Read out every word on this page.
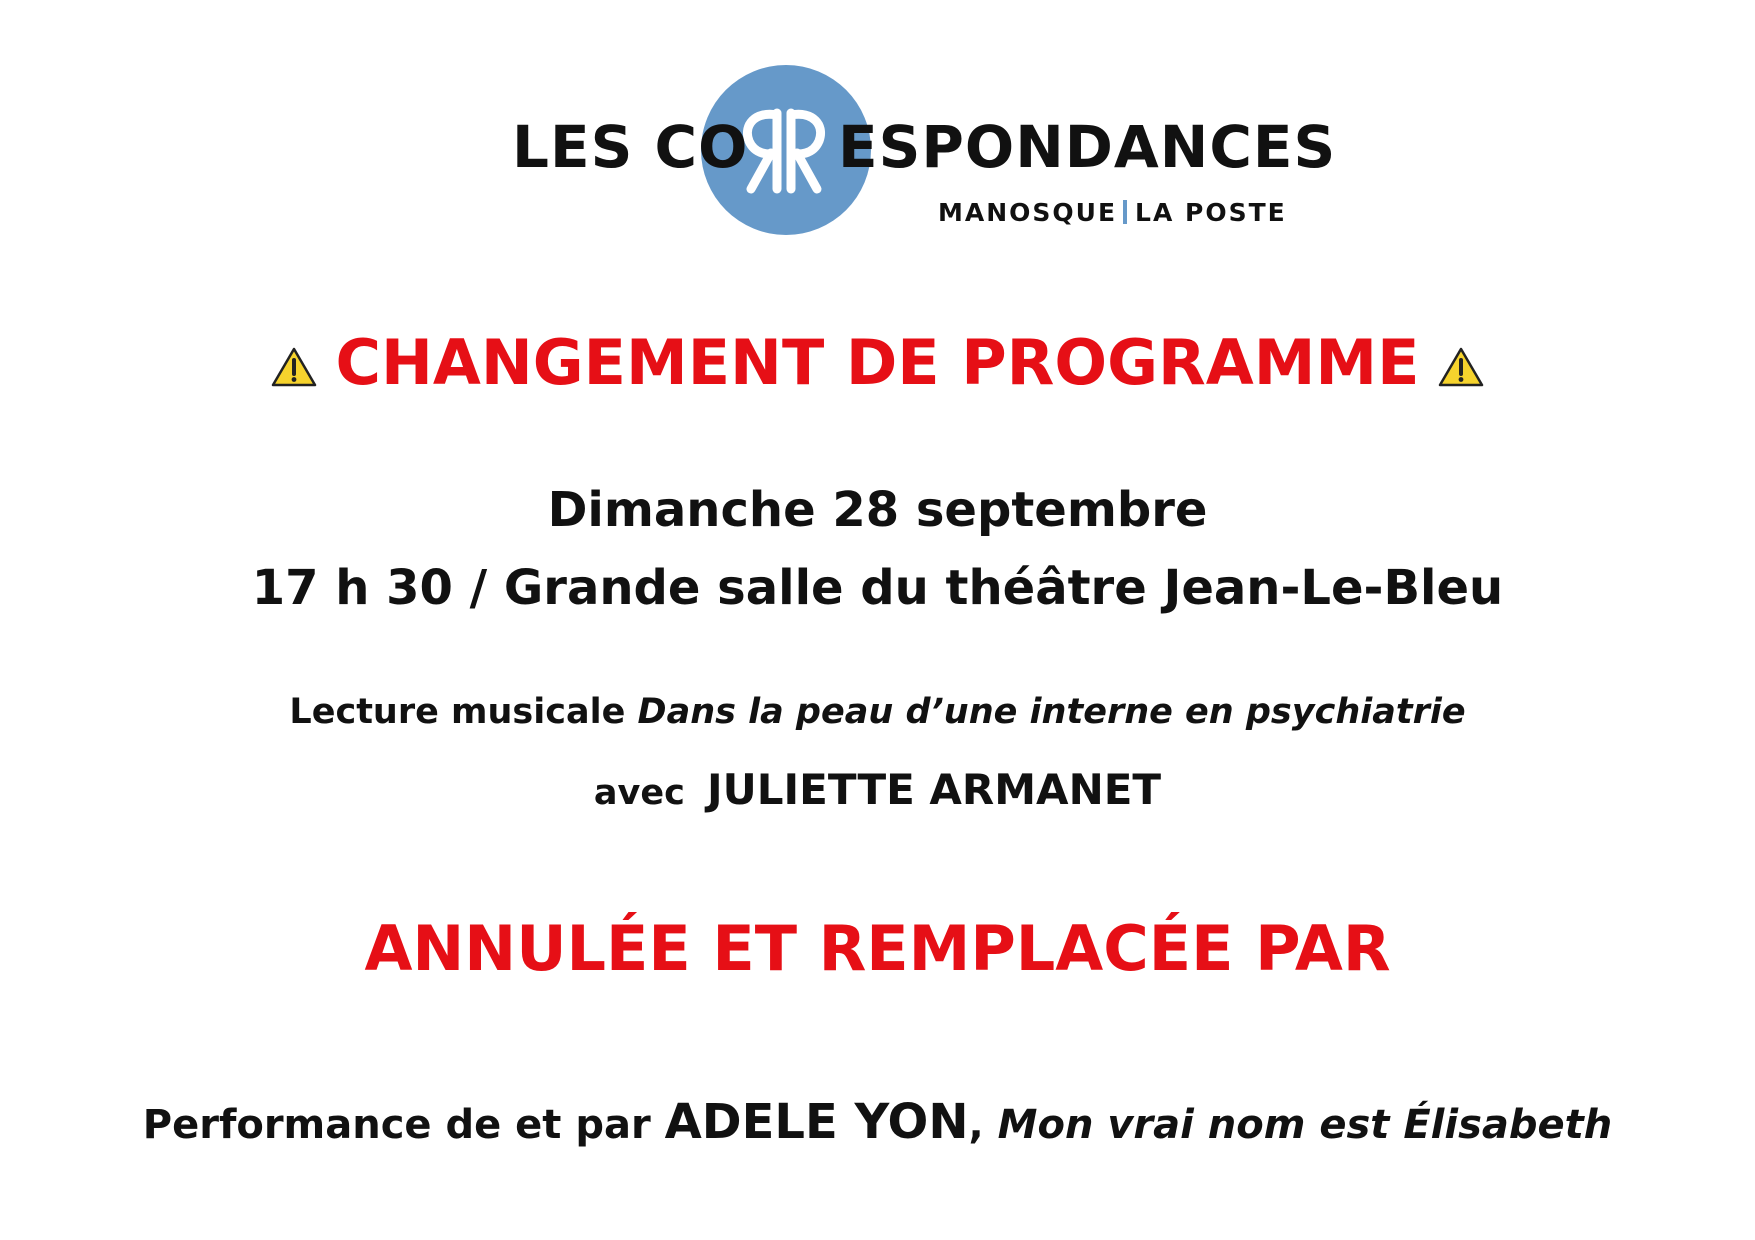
LES CO ESPONDANCES
MANOSQUE LA POSTE
CHANGEMENT DE PROGRAMME
Dimanche 28 septembre
17 h 30 / Grande salle du théâtre Jean-Le-Bleu
Lecture musicale Dans la peau d’une interne en psychiatrie
avec JULIETTE ARMANET
ANNULÉE ET REMPLACÉE PAR
Performance de et par ADELE YON, Mon vrai nom est Élisabeth
